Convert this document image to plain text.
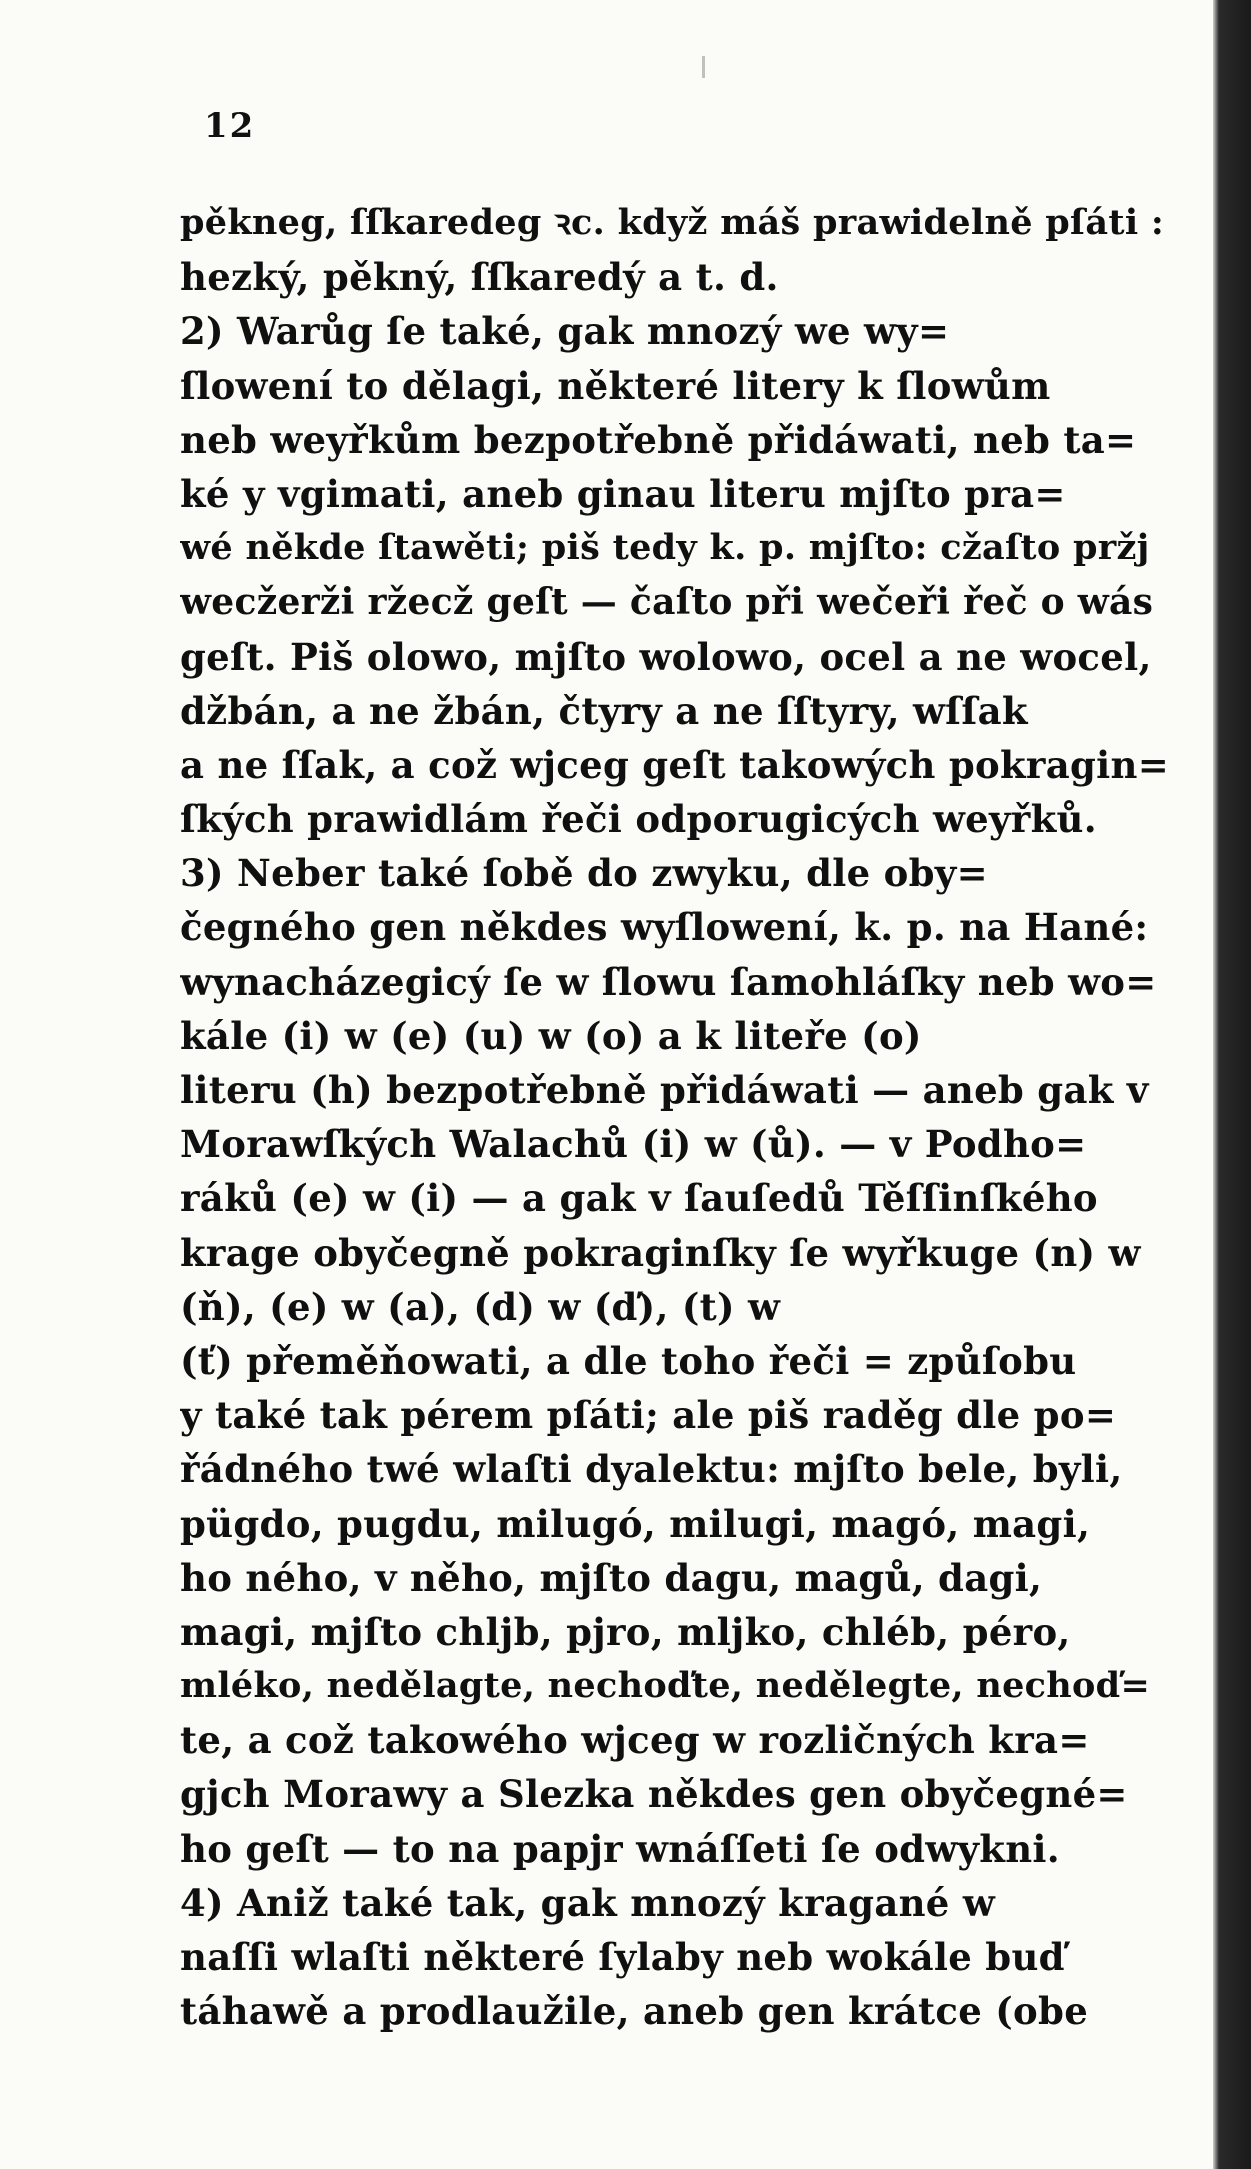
12
pěkneg, ſſkaredeg ꝛc. když máš prawidelně pſáti :
hezký, pěkný, ſſkaredý a t. d.
2) Warůg ſe také, gak mnozý we wy=
ſlowení to dělagi, některé litery k ſlowům
neb weyřkům bezpotřebně přidáwati, neb ta=
ké y vgimati, aneb ginau literu mjſto pra=
wé někde ſtawěti; piš tedy k. p. mjſto: cžaſto pržj
wecžerži ržecž geſt — čaſto při wečeři řeč o wás
geſt. Piš olowo, mjſto wolowo, ocel a ne wocel,
džbán, a ne žbán, čtyry a ne ſſtyry, wſſak
a ne ſſak, a což wjceg geſt takowých pokragin=
ſkých prawidlám řeči odporugicých weyřků.
3) Neber také ſobě do zwyku, dle oby=
čegného gen někdes wyſlowení, k. p. na Hané:
wynacházegicý ſe w ſlowu ſamohláſky neb wo=
kále (i) w (e) (u) w (o) a k liteře (o)
literu (h) bezpotřebně přidáwati — aneb gak v
Morawſkých Walachů (i) w (ů). — v Podho=
ráků (e) w (i) — a gak v ſauſedů Těſſinſkého
krage obyčegně pokraginſky ſe wyřkuge (n) w
(ň), (e) w (a), (d) w (ď), (t) w
(ť) přeměňowati, a dle toho řeči = způſobu
y také tak pérem pſáti; ale piš raděg dle po=
řádného twé wlaſti dyalektu: mjſto bele, byli,
pügdo, pugdu, milugó, milugi, magó, magi,
ho ného, v něho, mjſto dagu, magů, dagi,
magi, mjſto chljb, pjro, mljko, chléb, péro,
mléko, nedělagte, nechoďte, nedělegte, nechoď=
te, a což takowého wjceg w rozličných kra=
gjch Morawy a Slezka někdes gen obyčegné=
ho geſt — to na papjr wnáſſeti ſe odwykni.
4) Aniž také tak, gak mnozý kragané w
naſſi wlaſti některé ſylaby neb wokále buď
táhawě a prodlaužile, aneb gen krátce (obe
